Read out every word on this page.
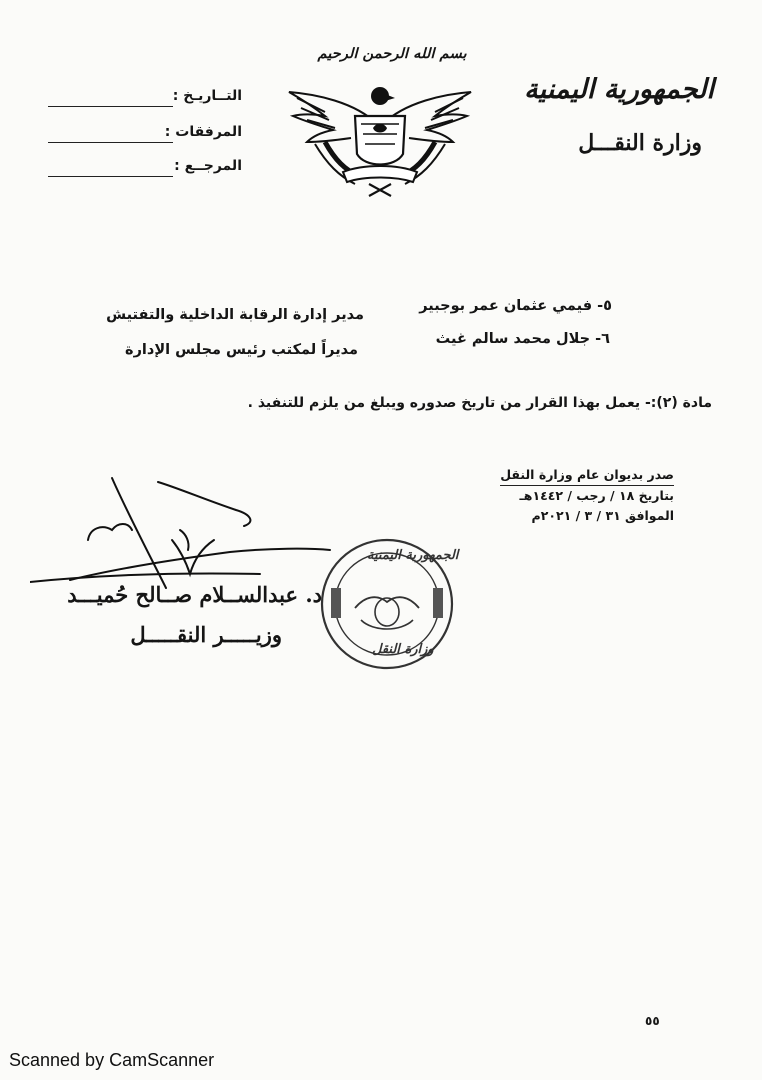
الجمهورية اليمنية
وزارة النقـــل
بسم الله الرحمن الرحيم
التــاريـخ :
المرفقات :
المرجــع :
٥- فيمي عثمان عمر بوجبير
مدير إدارة الرقابة الداخلية والتفتيش
٦- جلال محمد سالم غيث
مديراً لمكتب رئيس مجلس الإدارة
مادة (٢):- يعمل بهذا القرار من تاريخ صدوره ويبلغ من يلزم للتنفيذ .
صدر بديوان عام وزارة النقل
بتاريخ ١٨ / رجب / ١٤٤٢هـ
الموافق ٣١ / ٣ / ٢٠٢١م
د. عبدالســلام صــالح حُميـــد
وزيـــــر النقـــــل
الجمهورية اليمنية
وزارة النقل
٥٥
Scanned by CamScanner
